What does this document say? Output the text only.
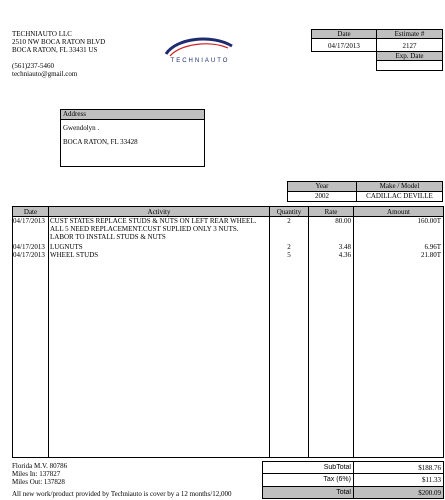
TECHNIAUTO LLC
2510 NW BOCA RATON BLVD
BOCA RATON, FL 33431 US
(561)237-5460
techniauto@gmail.com
TECHNIAUTO
Date	Estimate #
04/17/2013	2127
Exp. Date
Address
Gwendolyn .
BOCA RATON, FL 33428
Year	Make / Model
2002	CADILLAC DEVILLE
Date	Activity	Quantity	Rate	Amount
04/17/2013 CUST STATES REPLACE STUDS & NUTS ON LEFT REAR WHEEL.
ALL 5 NEED REPLACEMENT.CUST SUPLIED ONLY 3 NUTS.
LABOR TO INSTALL STUDS & NUTS
2	80.00	160.00T
04/17/2013 LUGNUTS	2	3.48	6.96T
04/17/2013 WHEEL STUDS	5	4.36	21.80T
Florida M.V. 80786
Miles In: 137827
Miles Out: 137828
All new work/product provided by Techniauto is cover by a 12 months/12,000
SubTotal	$188.76
Tax (6%)	$11.33
Total	$200.09
